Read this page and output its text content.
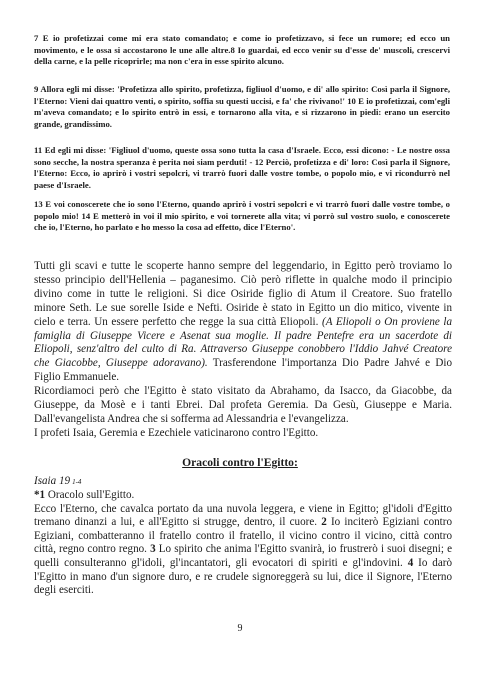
7 E io profetizzai come mi era stato comandato; e come io profetizzavo, si fece un rumore; ed ecco un movimento, e le ossa si accostarono le une alle altre.8 Io guardai, ed ecco venir su d'esse de' muscoli, crescervi della carne, e la pelle ricoprirle; ma non c'era in esse spirito alcuno.

9 Allora egli mi disse: 'Profetizza allo spirito, profetizza, figliuol d'uomo, e di' allo spirito: Così parla il Signore, l'Eterno: Vieni dai quattro venti, o spirito, soffia su questi uccisi, e fa' che rivivano!' 10 E io profetizzai, com'egli m'aveva comandato; e lo spirito entrò in essi, e tornarono alla vita, e si rizzarono in piedi: erano un esercito grande, grandissimo.

11 Ed egli mi disse: 'Figliuol d'uomo, queste ossa sono tutta la casa d'Israele. Ecco, essi dicono: - Le nostre ossa sono secche, la nostra speranza è perita noi siam perduti! - 12 Perciò, profetizza e di' loro: Così parla il Signore, l'Eterno: Ecco, io aprirò i vostri sepolcri, vi trarrò fuori dalle vostre tombe, o popolo mio, e vi ricondurrò nel paese d'Israele.

13 E voi conoscerete che io sono l'Eterno, quando aprirò i vostri sepolcri e vi trarrò fuori dalle vostre tombe, o popolo mio! 14 E metterò in voi il mio spirito, e voi tornerete alla vita; vi porrò sul vostro suolo, e conoscerete che io, l'Eterno, ho parlato e ho messo la cosa ad effetto, dice l'Eterno'.

Tutti gli scavi e tutte le scoperte hanno sempre del leggendario, in Egitto però troviamo lo stesso principio dell'Hellenia – paganesimo. Ciò però riflette in qualche modo il principio divino come in tutte le religioni. Si dice Osiride figlio di Atum il Creatore. Suo fratello minore Seth. Le sue sorelle Iside e Nefti. Osiride è stato in Egitto un dio mitico, vivente in cielo e terra. Un essere perfetto che regge la sua città Eliopoli. (A Eliopoli o On proviene la famiglia di Giuseppe Vicere e Asenat sua moglie. Il padre Pentefre era un sacerdote di Eliopoli, senz'altro del culto di Ra. Attraverso Giuseppe conobbero l'Iddio Jahvé Creatore che Giacobbe, Giuseppe adoravano). Trasferendone l'importanza Dio Padre Jahvé e Dio Figlio Emmanuele.
Ricordiamoci però che l'Egitto è stato visitato da Abrahamo, da Isacco, da Giacobbe, da Giuseppe, da Mosè e i tanti Ebrei. Dal profeta Geremia. Da Gesù, Giuseppe e Maria. Dall'evangelista Andrea che si sofferma ad Alessandria e l'evangelizza.
I profeti Isaia, Geremia e Ezechiele vaticinarono contro l'Egitto.

Oracoli contro l'Egitto:

Isaia 19 1-4

*1 Oracolo sull'Egitto.
Ecco l'Eterno, che cavalca portato da una nuvola leggera, e viene in Egitto; gl'idoli d'Egitto tremano dinanzi a lui, e all'Egitto si strugge, dentro, il cuore. 2 Io inciterò Egiziani contro Egiziani, combatteranno il fratello contro il fratello, il vicino contro il vicino, città contro città, regno contro regno. 3 Lo spirito che anima l'Egitto svanirà, io frustrerò i suoi disegni; e quelli consulteranno gl'idoli, gl'incantatori, gli evocatori di spiriti e gl'indovini. 4 Io darò l'Egitto in mano d'un signore duro, e re crudele signoreggerà su lui, dice il Signore, l'Eterno degli eserciti.

9
